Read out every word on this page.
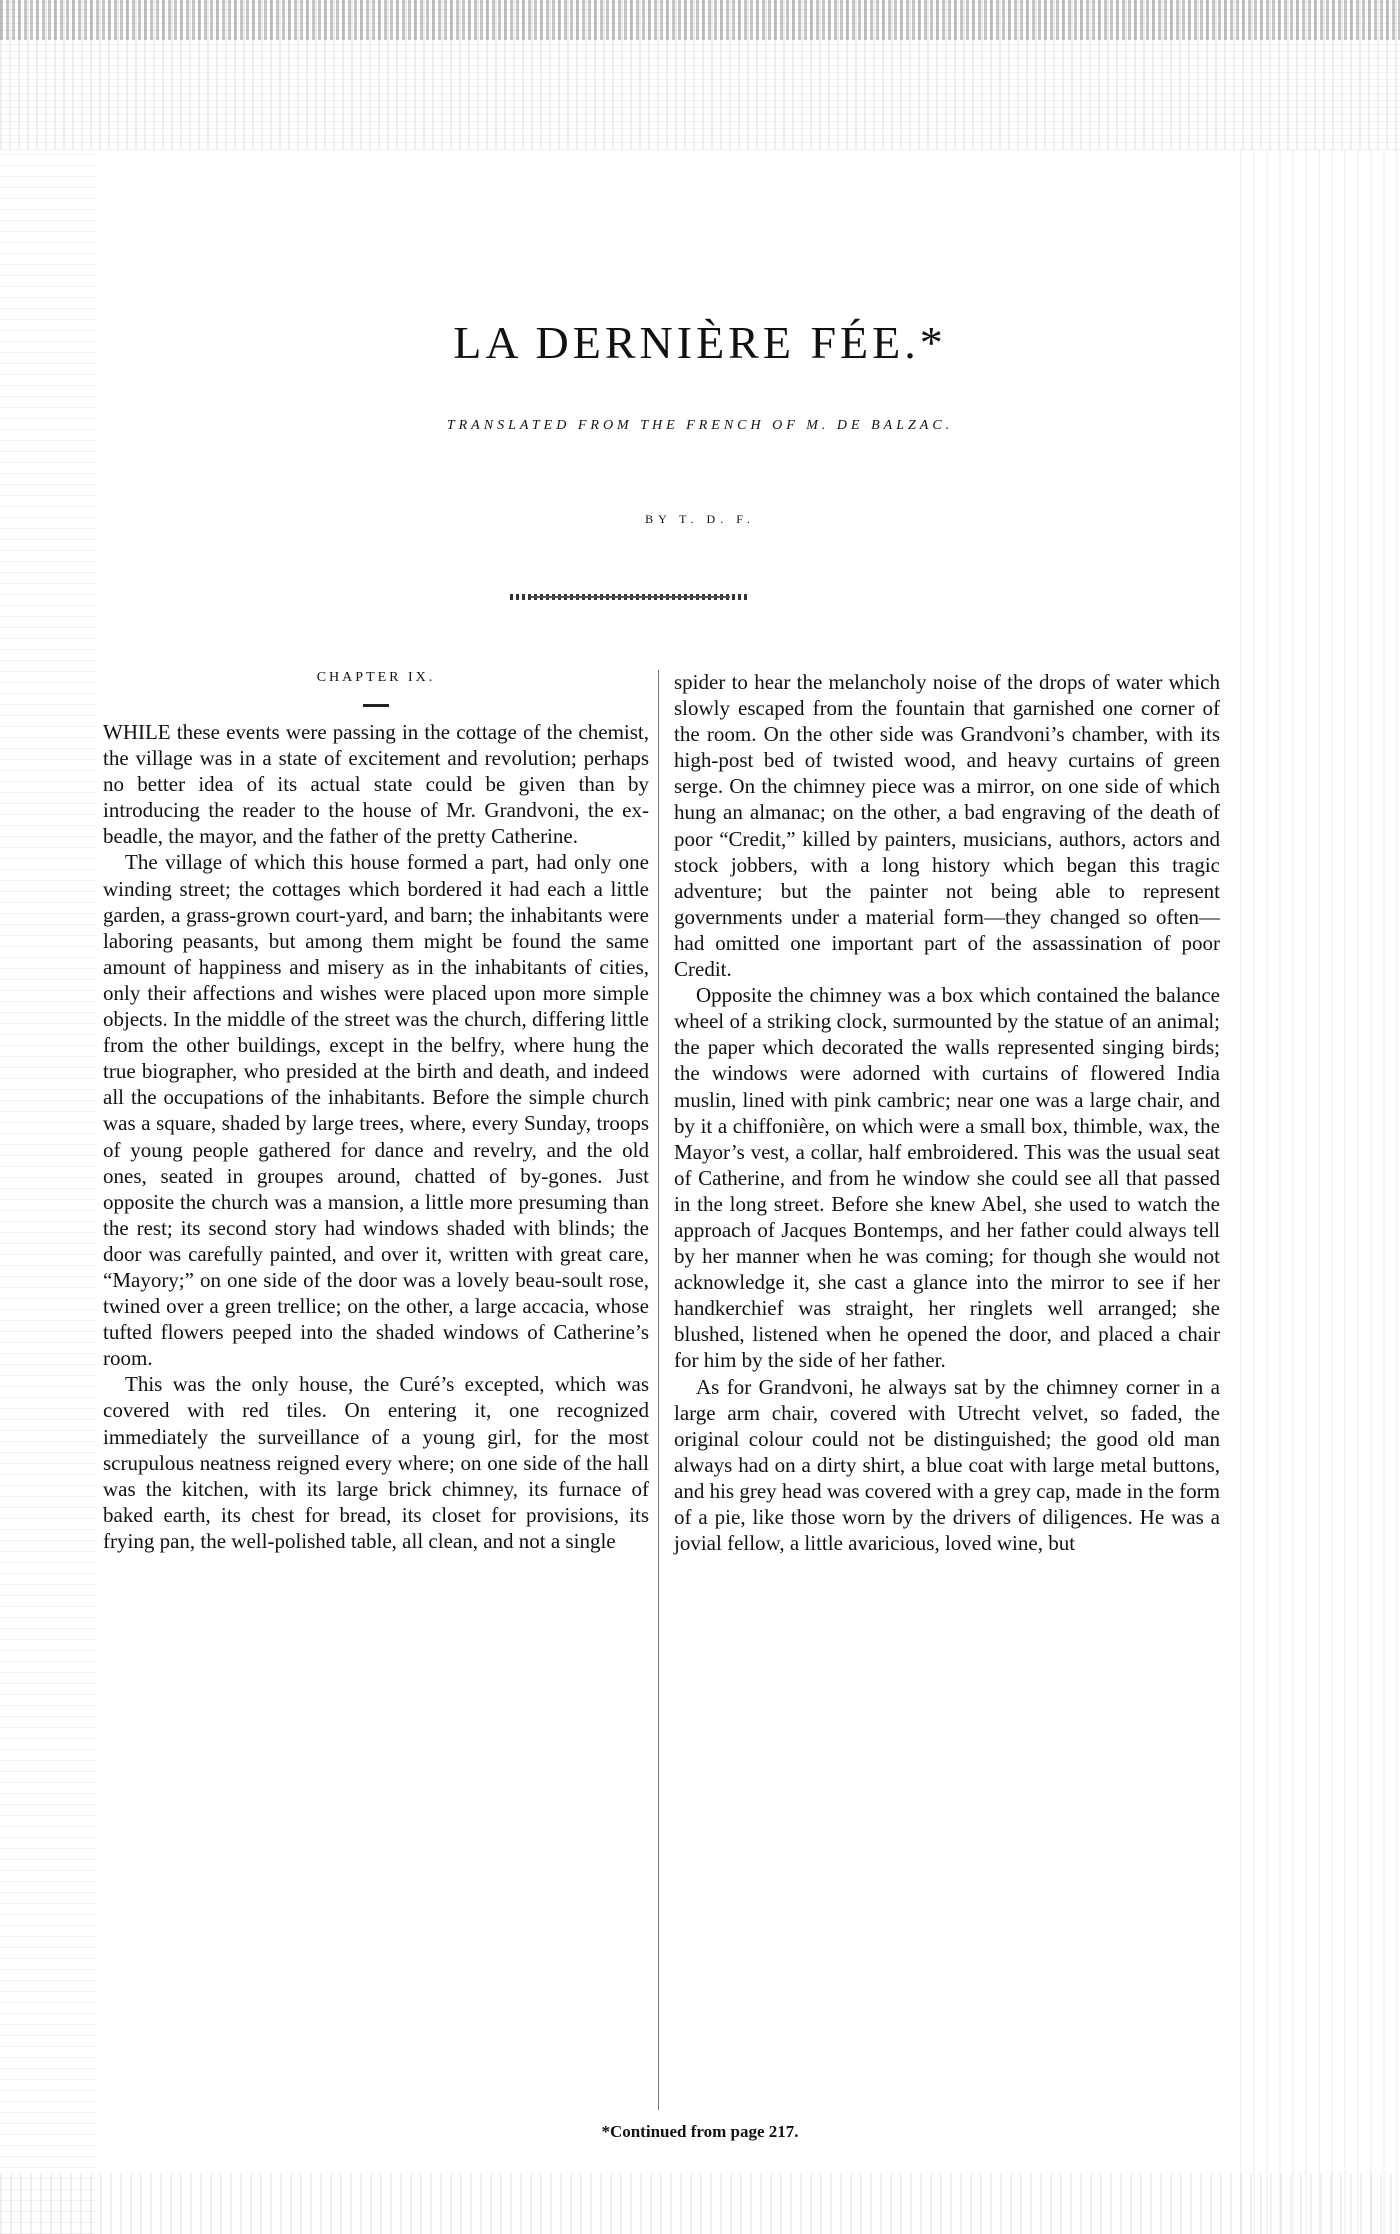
LA DERNIÈRE FÉE.*
TRANSLATED FROM THE FRENCH OF M. DE BALZAC.
BY T. D. F.
CHAPTER IX.

WHILE these events were passing in the cottage of the chemist, the village was in a state of excitement and revolution; perhaps no better idea of its actual state could be given than by introducing the reader to the house of Mr. Grandvoni, the ex-beadle, the mayor, and the father of the pretty Catherine.

The village of which this house formed a part, had only one winding street; the cottages which bordered it had each a little garden, a grass-grown court-yard, and barn; the inhabitants were laboring peasants, but among them might be found the same amount of happiness and misery as in the inhabitants of cities, only their affections and wishes were placed upon more simple objects. In the middle of the street was the church, differing little from the other buildings, except in the belfry, where hung the true biographer, who presided at the birth and death, and indeed all the occupations of the inhabitants. Before the simple church was a square, shaded by large trees, where, every Sunday, troops of young people gathered for dance and revelry, and the old ones, seated in groupes around, chatted of by-gones. Just opposite the church was a mansion, a little more presuming than the rest; its second story had windows shaded with blinds; the door was carefully painted, and over it, written with great care, “Mayory;” on one side of the door was a lovely beau-soult rose, twined over a green trellice; on the other, a large accacia, whose tufted flowers peeped into the shaded windows of Catherine’s room.

This was the only house, the Curé’s excepted, which was covered with red tiles. On entering it, one recognized immediately the surveillance of a young girl, for the most scrupulous neatness reigned every where; on one side of the hall was the kitchen, with its large brick chimney, its furnace of baked earth, its chest for bread, its closet for provisions, its frying pan, the well-polished table, all clean, and not a single

spider to hear the melancholy noise of the drops of water which slowly escaped from the fountain that garnished one corner of the room. On the other side was Grandvoni’s chamber, with its high-post bed of twisted wood, and heavy curtains of green serge. On the chimney piece was a mirror, on one side of which hung an almanac; on the other, a bad engraving of the death of poor “Credit,” killed by painters, musicians, authors, actors and stock jobbers, with a long history which began this tragic adventure; but the painter not being able to represent governments under a material form—they changed so often—had omitted one important part of the assassination of poor Credit.

Opposite the chimney was a box which contained the balance wheel of a striking clock, surmounted by the statue of an animal; the paper which decorated the walls represented singing birds; the windows were adorned with curtains of flowered India muslin, lined with pink cambric; near one was a large chair, and by it a chiffonière, on which were a small box, thimble, wax, the Mayor’s vest, a collar, half embroidered. This was the usual seat of Catherine, and from he window she could see all that passed in the long street. Before she knew Abel, she used to watch the approach of Jacques Bontemps, and her father could always tell by her manner when he was coming; for though she would not acknowledge it, she cast a glance into the mirror to see if her handkerchief was straight, her ringlets well arranged; she blushed, listened when he opened the door, and placed a chair for him by the side of her father.

As for Grandvoni, he always sat by the chimney corner in a large arm chair, covered with Utrecht velvet, so faded, the original colour could not be distinguished; the good old man always had on a dirty shirt, a blue coat with large metal buttons, and his grey head was covered with a grey cap, made in the form of a pie, like those worn by the drivers of diligences. He was a jovial fellow, a little avaricious, loved wine, but

*Continued from page 217.
